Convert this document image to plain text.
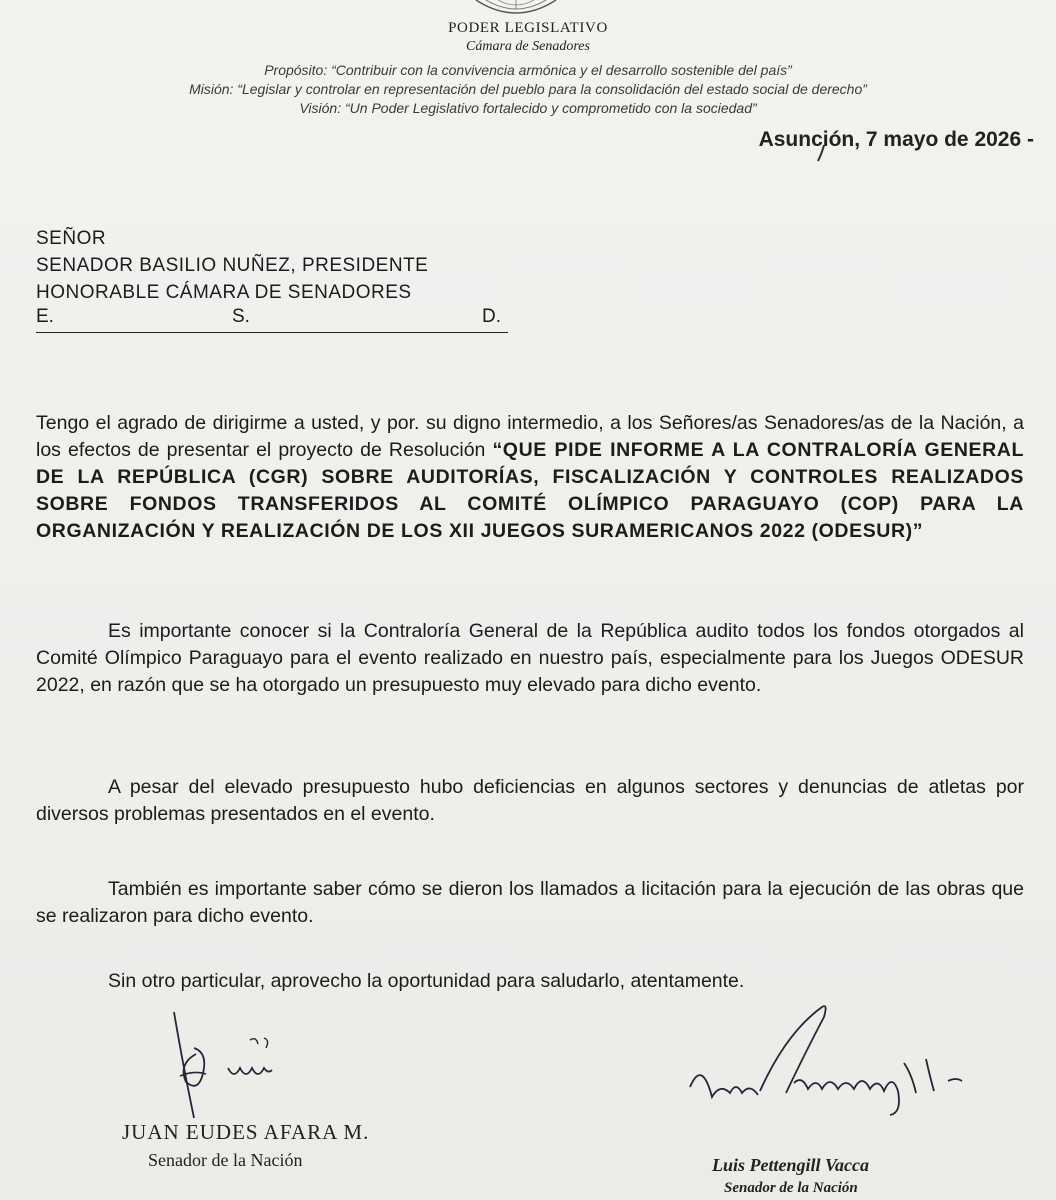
PODER LEGISLATIVO
Cámara de Senadores
Propósito: “Contribuir con la convivencia armónica y el desarrollo sostenible del país”
Misión: “Legislar y controlar en representación del pueblo para la consolidación del estado social de derecho”
Visión: “Un Poder Legislativo fortalecido y comprometido con la sociedad”
Asunción, 7 mayo de 2026 -
SEÑOR
SENADOR BASILIO NUÑEZ, PRESIDENTE
HONORABLE CÁMARA DE SENADORES
E.	S.	D.
Tengo el agrado de dirigirme a usted, y por. su digno intermedio, a los Señores/as Senadores/as de la Nación, a los efectos de presentar el proyecto de Resolución “QUE PIDE INFORME A LA CONTRALORÍA GENERAL DE LA REPÚBLICA (CGR) SOBRE AUDITORÍAS, FISCALIZACIÓN Y CONTROLES REALIZADOS SOBRE FONDOS TRANSFERIDOS AL COMITÉ OLÍMPICO PARAGUAYO (COP) PARA LA ORGANIZACIÓN Y REALIZACIÓN DE LOS XII JUEGOS SURAMERICANOS 2022 (ODESUR)”
Es importante conocer si la Contraloría General de la República audito todos los fondos otorgados al Comité Olímpico Paraguayo para el evento realizado en nuestro país, especialmente para los Juegos ODESUR 2022, en razón que se ha otorgado un presupuesto muy elevado para dicho evento.
A pesar del elevado presupuesto hubo deficiencias en algunos sectores y denuncias de atletas por diversos problemas presentados en el evento.
También es importante saber cómo se dieron los llamados a licitación para la ejecución de las obras que se realizaron para dicho evento.
Sin otro particular, aprovecho la oportunidad para saludarlo, atentamente.
JUAN EUDES AFARA M.
Senador de la Nación	Luis Pettengill Vacca
Senador de la Nación
